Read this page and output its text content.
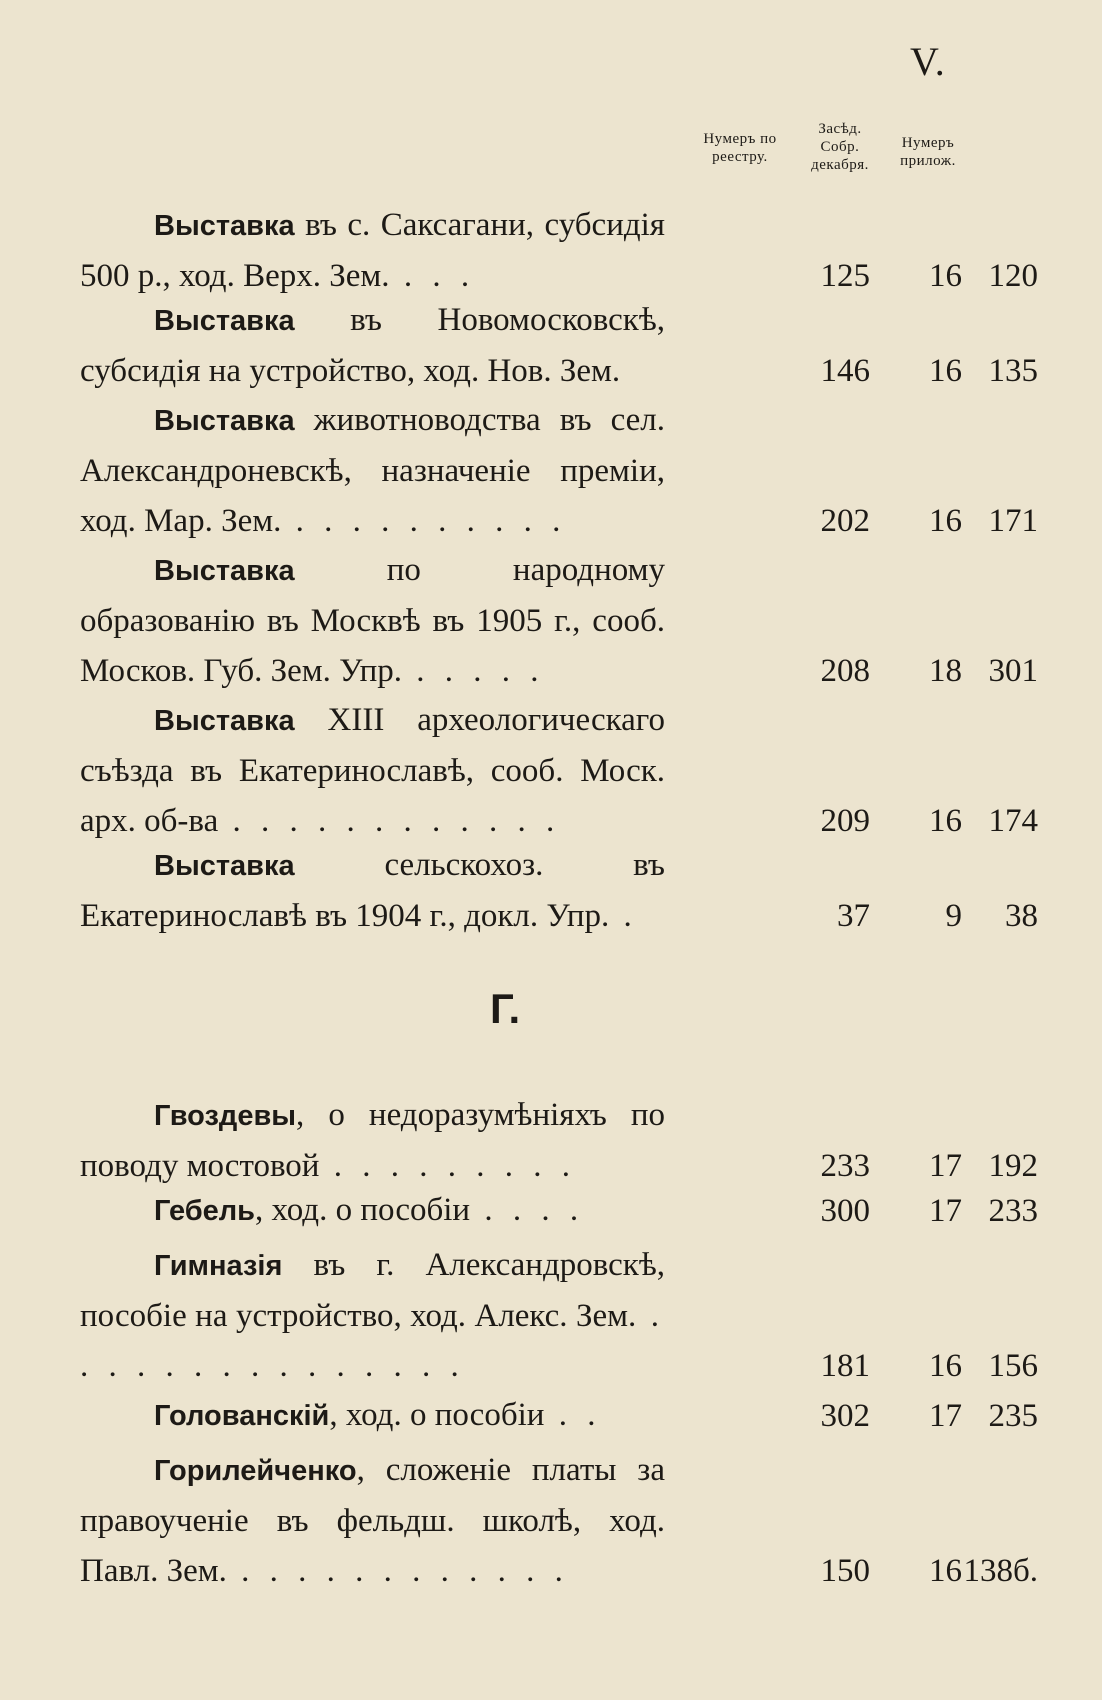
V.
Нумеръ по
реестру.
Засѣд.
Собр.
декабря.
Нумеръ
прилож.
Выставка въ с. Саксагани, субсидія 500 р., ход. Верх. Зем. . . .	125	16 120
Выставка въ Новомосковскѣ, субсидія на устройство, ход. Нов. Зем.	146	16 135
Выставка животноводства въ сел. Александроневскѣ, назначеніе преміи, ход. Мар. Зем. . . . . . . . . . .	202	16 171
Выставка по народному образованію въ Москвѣ въ 1905 г., сооб. Москов. Губ. Зем. Упр. . . . . .	208	18 301
Выставка XIII археологическаго съѣзда въ Екатеринославѣ, сооб. Моск. арх. об-ва . . . . . . . . . . . .	209	16 174
Выставка сельскохоз. въ Екатеринославѣ въ 1904 г., докл. Упр. .	37	9	38
Г.
Гвоздевы, о недоразумѣніяхъ по поводу мостовой . . . . . . . . .	233	17 192
Гебель, ход. о пособіи . . . .	300	17 233
Гимназія въ г. Александровскѣ, пособіе на устройство, ход. Алекс. Зем. . . . . . . . . . . . . . . .	181	16 156
Голованскій, ход. о пособіи . .	302	17 235
Горилейченко, сложеніе платы за правоученіе въ фельдш. школѣ, ход. Павл. Зем. . . . . . . . . . . . .	150	16 138б.
